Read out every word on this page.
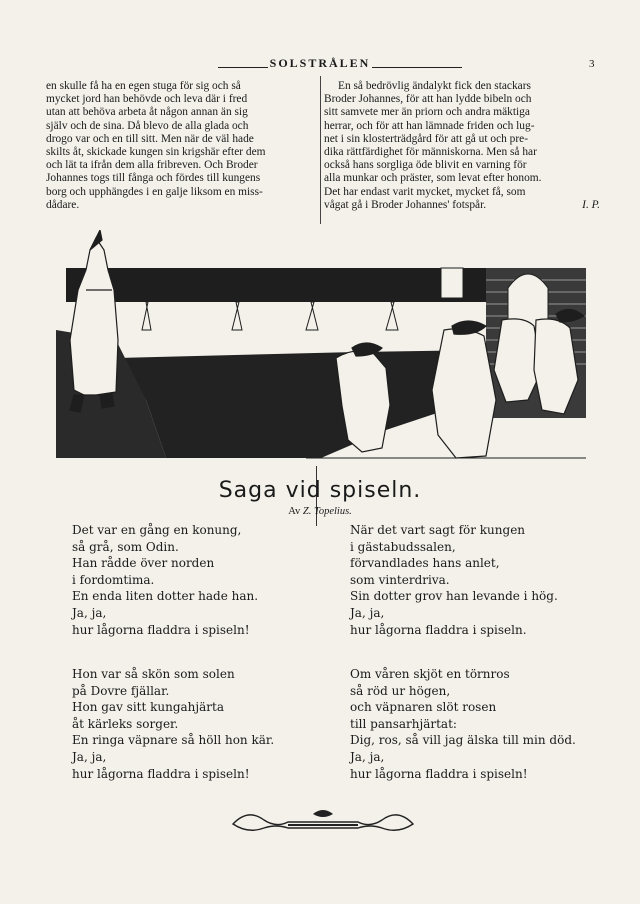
SOLSTRÅLEN	3

en skulle få ha en egen stuga för sig och så

mycket jord han behövde och leva där i fred

utan att behöva arbeta åt någon annan än sig

själv och de sina. Då blevo de alla glada och

drogo var och en till sitt. Men när de väl hade

skilts åt, skickade kungen sin krigshär efter dem

och lät ta ifrån dem alla fribreven. Och Broder

Johannes togs till fånga och fördes till kungens

borg och upphängdes i en galje liksom en miss-

dådare.

En så bedrövlig ändalykt fick den stackars

Broder Johannes, för att han lydde bibeln och

sitt samvete mer än priorn och andra mäktiga

herrar, och för att han lämnade friden och lug-

net i sin klosterträdgård för att gå ut och pre-

dika rättfärdighet för människorna. Men så har

också hans sorgliga öde blivit en varning för

alla munkar och präster, som levat efter honom.

Det har endast varit mycket, mycket få, som

vågat gå i Broder Johannes' fotspår.	I. P.

Saga vid spiseln.
Av Z. Topelius.
Det var en gång en konung,
så grå, som Odin.
Han rådde över norden
i fordomtima.
En enda liten dotter hade han.
Ja, ja,
hur lågorna fladdra i spiseln!
När det vart sagt för kungen
i gästabudssalen,
förvandlades hans anlet,
som vinterdriva.
Sin dotter grov han levande i hög.
Ja, ja,
hur lågorna fladdra i spiseln.
Hon var så skön som solen
på Dovre fjällar.
Hon gav sitt kungahjärta
åt kärleks sorger.
En ringa väpnare så höll hon kär.
Ja, ja,
hur lågorna fladdra i spiseln!
Om våren skjöt en törnros
så röd ur högen,
och väpnaren slöt rosen
till pansarhjärtat:
Dig, ros, så vill jag älska till min död.
Ja, ja,
hur lågorna fladdra i spiseln!
